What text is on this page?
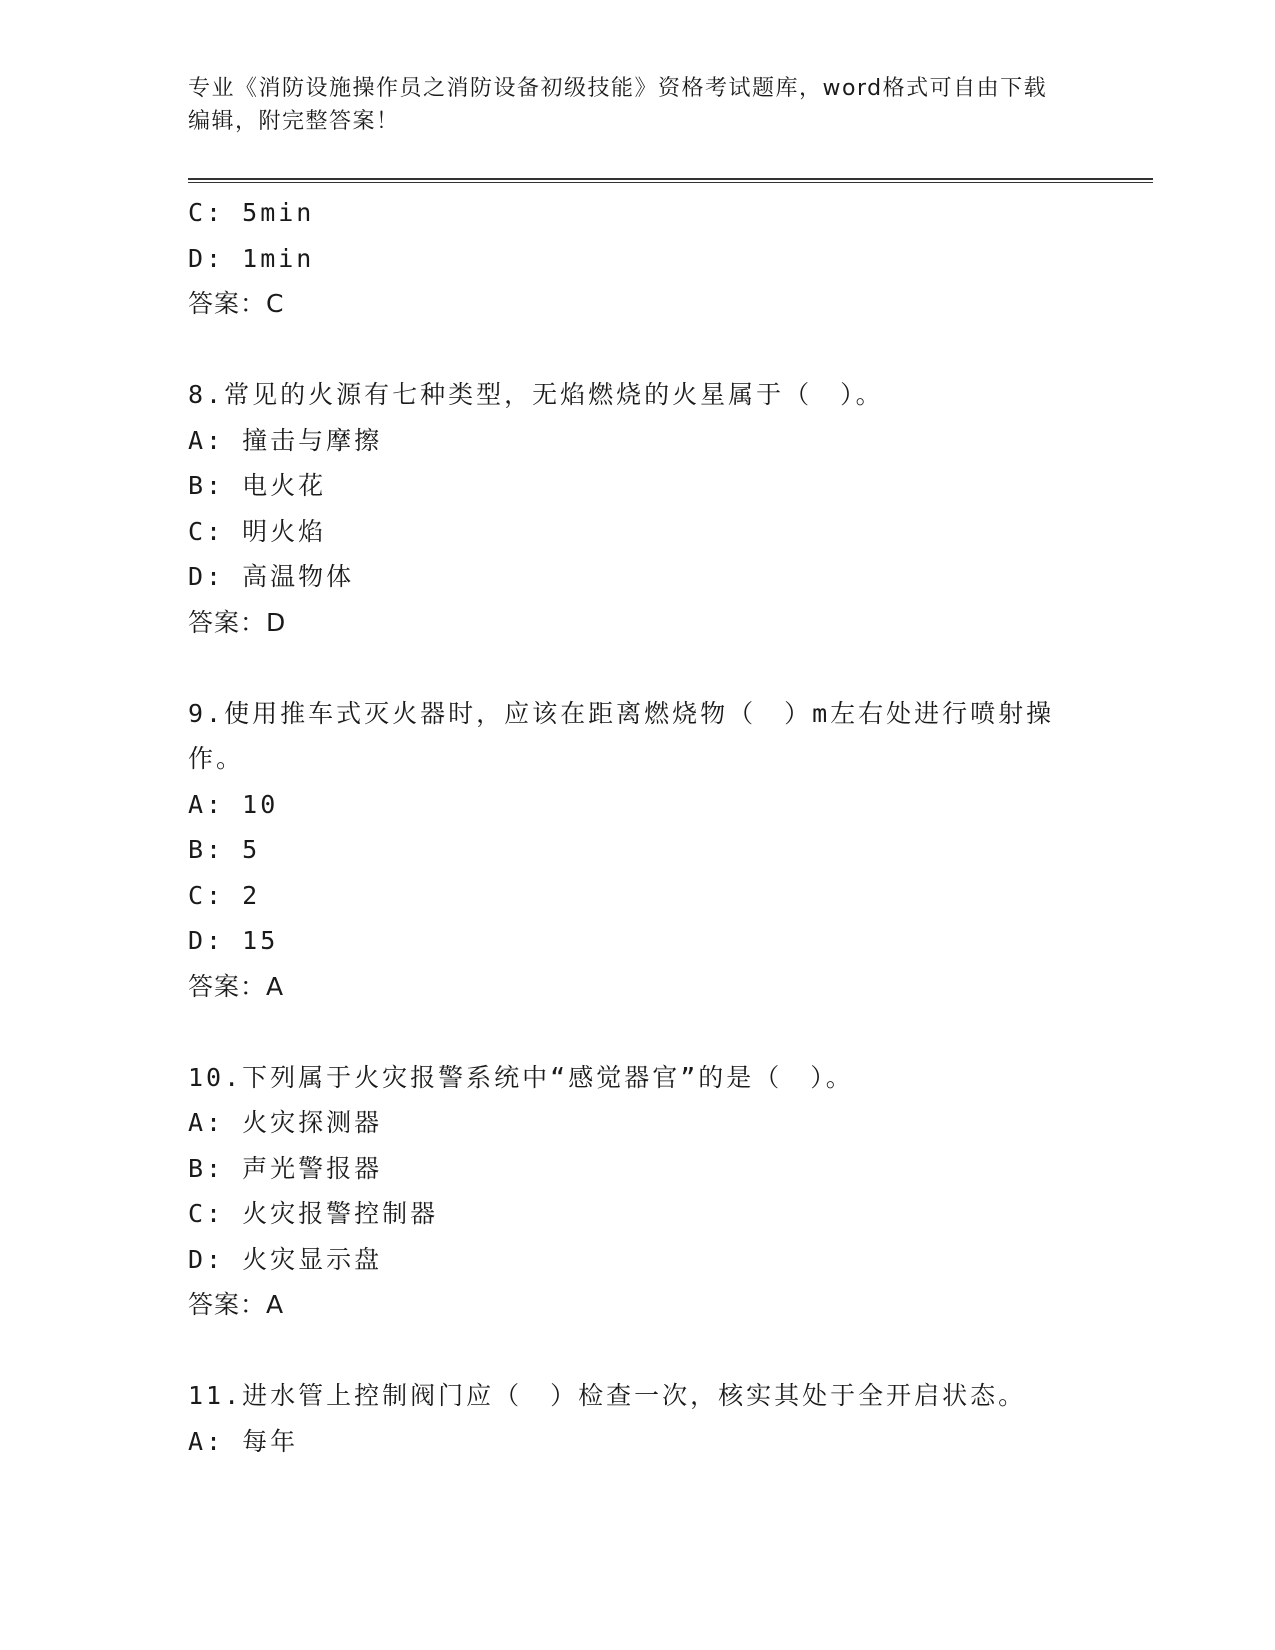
专业《消防设施操作员之消防设备初级技能》资格考试题库，word格式可自由下载编辑，附完整答案！
C: 5min
D: 1min
答案：C
8.常见的火源有七种类型，无焰燃烧的火星属于（　）。
A: 撞击与摩擦
B: 电火花
C: 明火焰
D: 高温物体
答案：D
9.使用推车式灭火器时，应该在距离燃烧物（　）m左右处进行喷射操作。
A: 10
B: 5
C: 2
D: 15
答案：A
10.下列属于火灾报警系统中“感觉器官”的是（　）。
A: 火灾探测器
B: 声光警报器
C: 火灾报警控制器
D: 火灾显示盘
答案：A
11.进水管上控制阀门应（　）检查一次，核实其处于全开启状态。
A: 每年
